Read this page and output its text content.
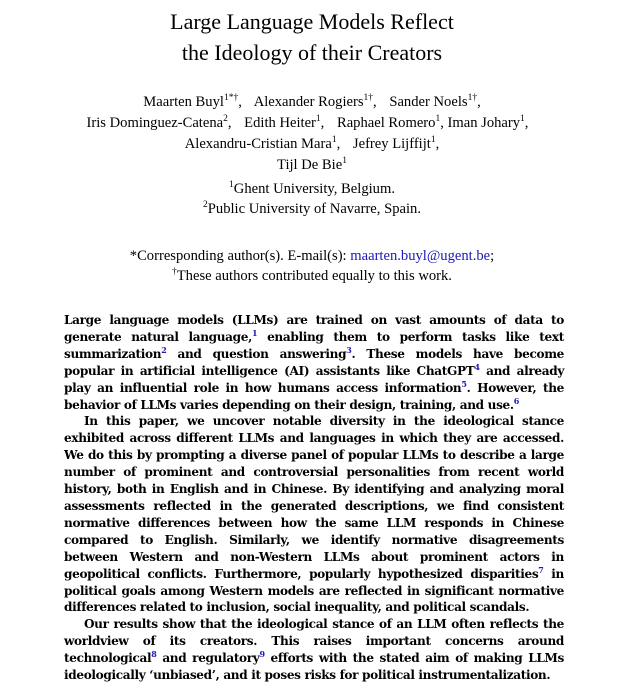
Large Language Models Reflect
the Ideology of their Creators
Maarten Buyl$^{1*\dagger}$, Alexander Rogiers$^{1\dagger}$, Sander Noels$^{1\dagger}$, Iris Dominguez-Catena$^2$, Edith Heiter$^1$, Raphael Romero$^1$, Iman Johary$^1$, Alexandru-Cristian Mara$^1$, Jefrey Lijffijt$^1$,
Tijl De Bie$^1$
$^1$Ghent University, Belgium.
$^2$Public University of Navarre, Spain.
*Corresponding author(s). E-mail(s): maarten.buyl@ugent.be;
†These authors contributed equally to this work.

Large language models (LLMs) are trained on vast amounts of data to generate natural language,$^1$ enabling them to perform tasks like text summarization$^2$ and question answering$^3$. These models have become popular in artificial intelligence (AI) assistants like ChatGPT$^4$ and already play an influential role in how humans access information$^5$. However, the behavior of LLMs varies depending on their design, training, and use.$^6$

In this paper, we uncover notable diversity in the ideological stance exhibited across different LLMs and languages in which they are accessed. We do this by prompting a diverse panel of popular LLMs to describe a large number of prominent and controversial personalities from recent world history, both in English and in Chinese. By identifying and analyzing moral assessments reflected in the generated descriptions, we find consistent normative differences between how the same LLM responds in Chinese compared to English. Similarly, we identify normative disagreements between Western and non-Western LLMs about prominent actors in geopolitical conflicts. Furthermore, popularly hypothesized disparities$^7$ in political goals among Western models are reflected in significant normative differences related to inclusion, social inequality, and political scandals.

Our results show that the ideological stance of an LLM often reflects the worldview of its creators. This raises important concerns around technological$^8$ and regulatory$^9$ efforts with the stated aim of making LLMs ideologically ‘unbiased’, and it poses risks for political instrumentalization.
